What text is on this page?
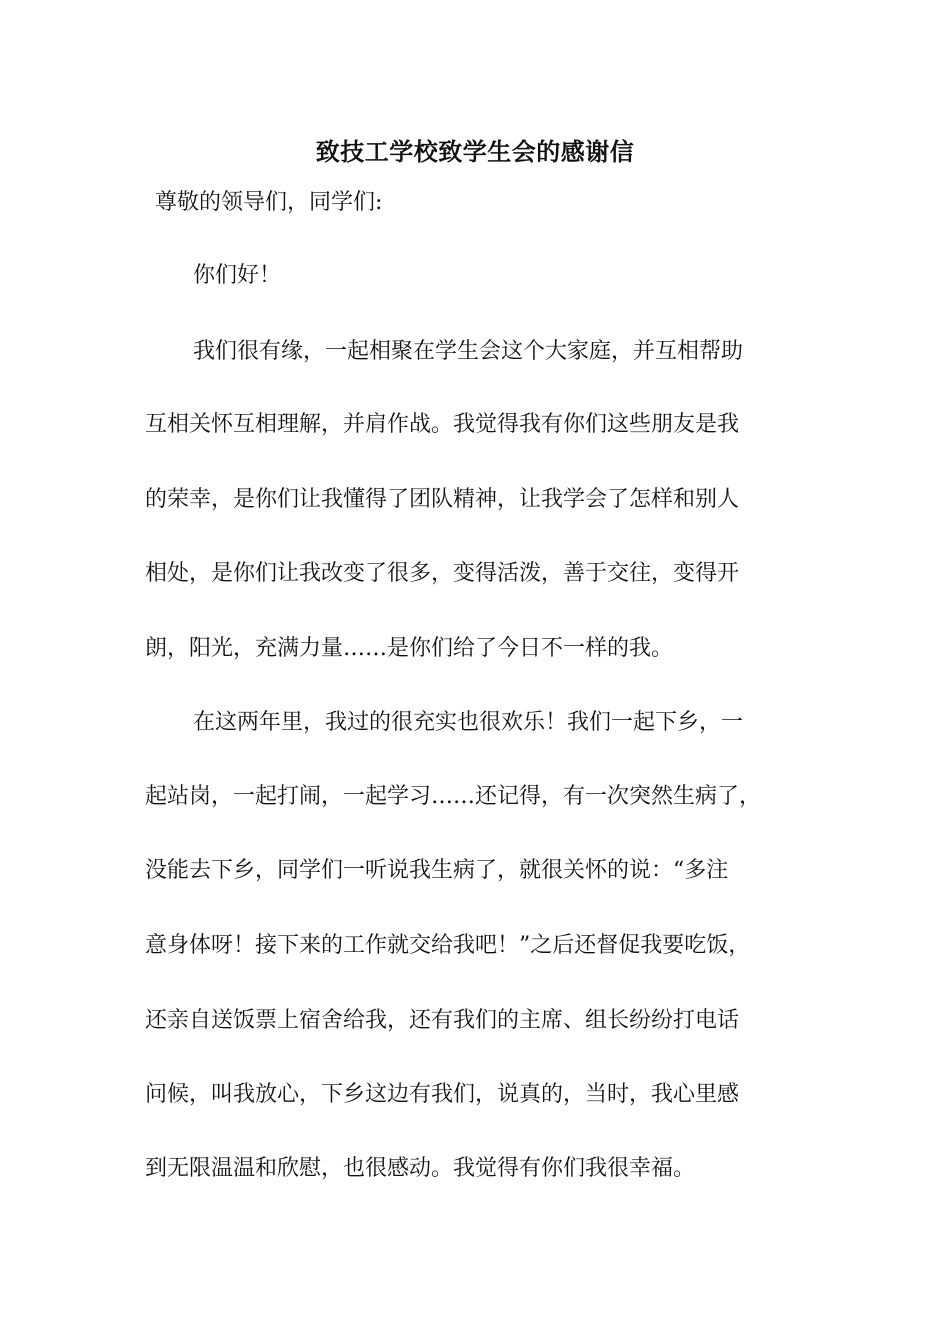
致技工学校致学生会的感谢信
尊敬的领导们，同学们:
你们好！
我们很有缘，一起相聚在学生会这个大家庭，并互相帮助
互相关怀互相理解，并肩作战。我觉得我有你们这些朋友是我
的荣幸，是你们让我懂得了团队精神，让我学会了怎样和别人
相处，是你们让我改变了很多，变得活泼，善于交往，变得开
朗，阳光，充满力量……是你们给了今日不一样的我。
在这两年里，我过的很充实也很欢乐！我们一起下乡，一
起站岗，一起打闹，一起学习……还记得，有一次突然生病了，
没能去下乡，同学们一听说我生病了，就很关怀的说：“多注
意身体呀！接下来的工作就交给我吧！”之后还督促我要吃饭，
还亲自送饭票上宿舍给我，还有我们的主席、组长纷纷打电话
问候，叫我放心，下乡这边有我们，说真的，当时，我心里感
到无限温温和欣慰，也很感动。我觉得有你们我很幸福。
